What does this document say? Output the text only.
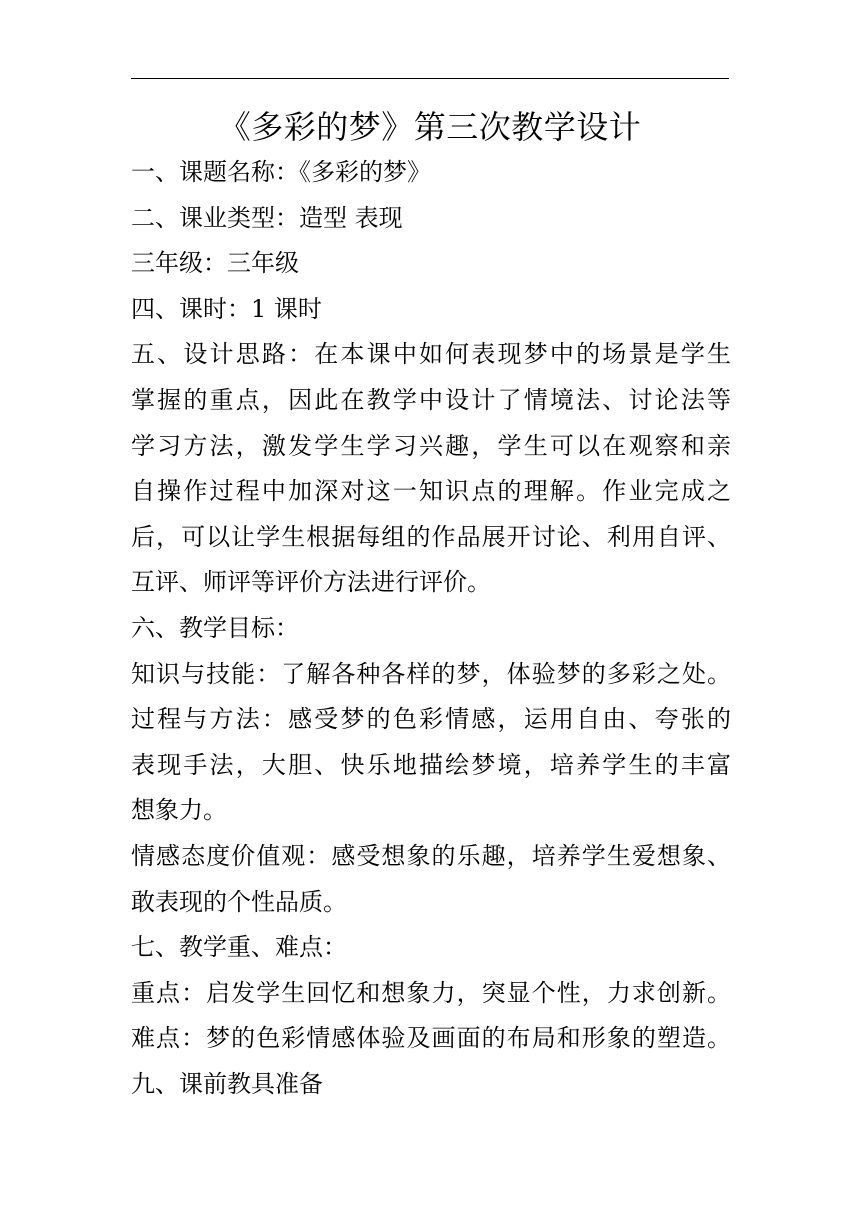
《多彩的梦》第三次教学设计
一、课题名称：《多彩的梦》
二、课业类型：造型 表现
三年级：三年级
四、课时：1 课时
五、设计思路：在本课中如何表现梦中的场景是学生
掌握的重点，因此在教学中设计了情境法、讨论法等
学习方法，激发学生学习兴趣，学生可以在观察和亲
自操作过程中加深对这一知识点的理解。作业完成之
后，可以让学生根据每组的作品展开讨论、利用自评、
互评、师评等评价方法进行评价。
六、教学目标：
知识与技能：了解各种各样的梦，体验梦的多彩之处。
过程与方法：感受梦的色彩情感，运用自由、夸张的
表现手法，大胆、快乐地描绘梦境，培养学生的丰富
想象力。
情感态度价值观：感受想象的乐趣，培养学生爱想象、
敢表现的个性品质。
七、教学重、难点：
重点：启发学生回忆和想象力，突显个性，力求创新。
难点：梦的色彩情感体验及画面的布局和形象的塑造。
九、课前教具准备
